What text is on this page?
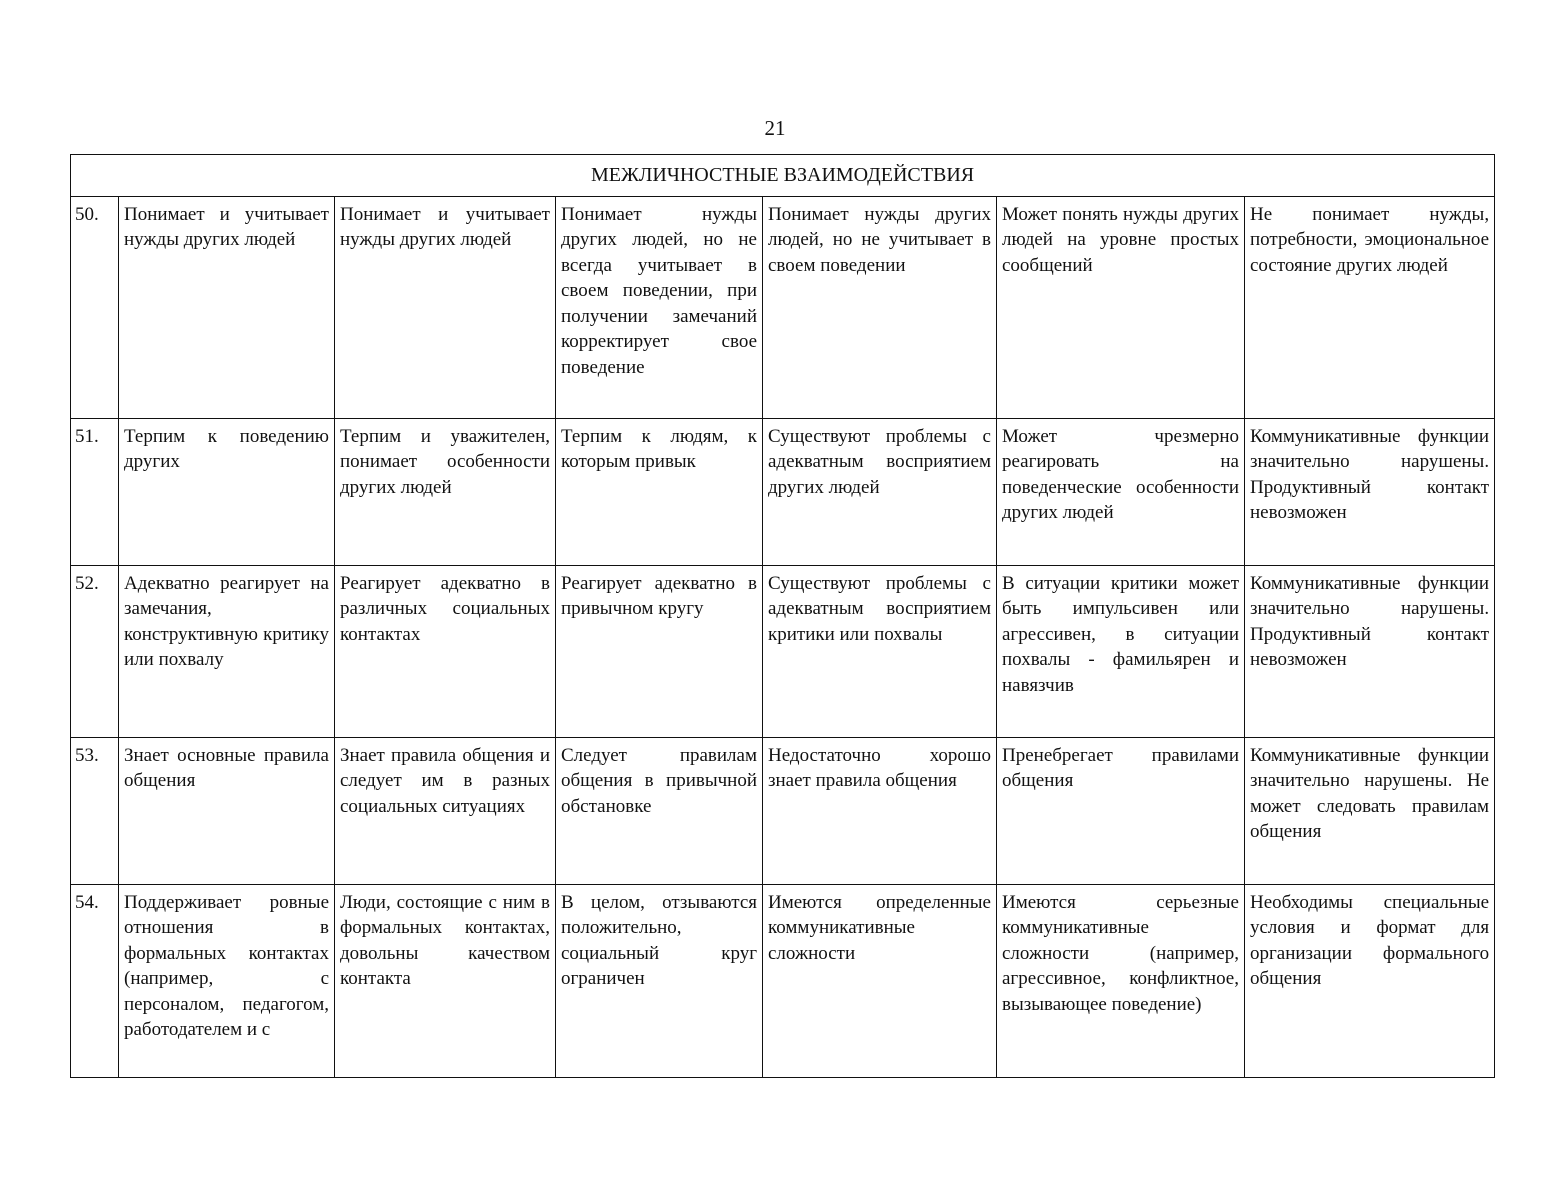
21
МЕЖЛИЧНОСТНЫЕ ВЗАИМОДЕЙСТВИЯ						
50.	Понимает и учитывает нужды других людей	Понимает и учитывает нужды других людей	Понимает нужды других людей, но не всегда учитывает в своем поведении, при получении замечаний корректирует свое поведение	Понимает нужды других людей, но не учитывает в своем поведении	Может понять нужды других людей на уровне простых сообщений	Не понимает нужды, потребности, эмоциональное состояние других людей
51.	Терпим к поведению других	Терпим и уважителен, понимает особенности других людей	Терпим к людям, к которым привык	Существуют проблемы с адекватным восприятием других людей	Может чрезмерно реагировать на поведенческие особенности других людей	Коммуникативные функции значительно нарушены. Продуктивный контакт невозможен
52.	Адекватно реагирует на замечания, конструктивную критику или похвалу	Реагирует адекватно в различных социальных контактах	Реагирует адекватно в привычном кругу	Существуют проблемы с адекватным восприятием критики или похвалы	В ситуации критики может быть импульсивен или агрессивен, в ситуации похвалы - фамильярен и навязчив	Коммуникативные функции значительно нарушены. Продуктивный контакт невозможен
53.	Знает основные правила общения	Знает правила общения и следует им в разных социальных ситуациях	Следует правилам общения в привычной обстановке	Недостаточно хорошо знает правила общения	Пренебрегает правилами общения	Коммуникативные функции значительно нарушены. Не может следовать правилам общения
54.	Поддерживает ровные отношения в формальных контактах (например, с персоналом, педагогом, работодателем и с	Люди, состоящие с ним в формальных контактах, довольны качеством контакта	В целом, отзываются положительно, социальный круг ограничен	Имеются определенные коммуникативные сложности	Имеются серьезные коммуникативные сложности (например, агрессивное, конфликтное, вызывающее поведение)	Необходимы специальные условия и формат для организации формального общения
